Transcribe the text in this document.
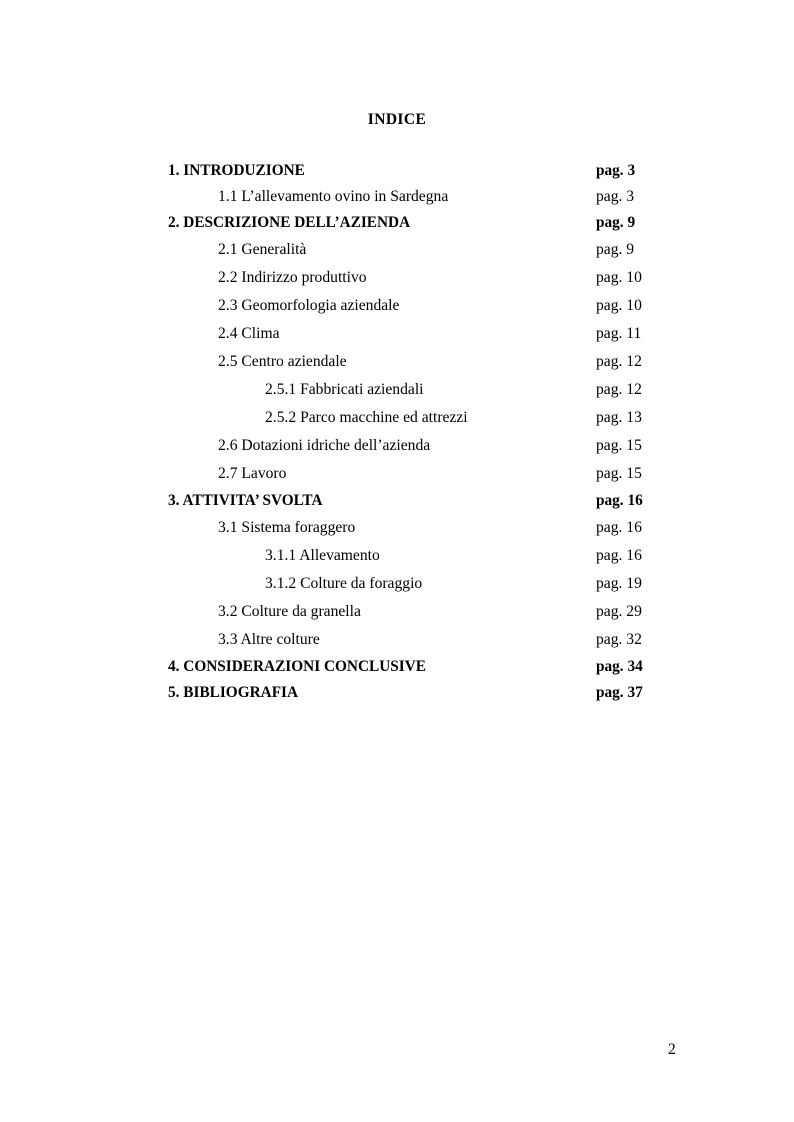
INDICE
1. INTRODUZIONE	pag. 3
1.1 L’allevamento ovino in Sardegna	pag. 3
2. DESCRIZIONE DELL’AZIENDA	pag. 9
2.1 Generalità	pag. 9
2.2 Indirizzo produttivo	pag. 10
2.3 Geomorfologia aziendale	pag. 10
2.4 Clima	pag. 11
2.5 Centro aziendale	pag. 12
2.5.1 Fabbricati aziendali	pag. 12
2.5.2 Parco macchine ed attrezzi	pag. 13
2.6 Dotazioni idriche dell’azienda	pag. 15
2.7 Lavoro	pag. 15
3. ATTIVITA’ SVOLTA	pag. 16
3.1 Sistema foraggero	pag. 16
3.1.1 Allevamento	pag. 16
3.1.2 Colture da foraggio	pag. 19
3.2 Colture da granella	pag. 29
3.3 Altre colture	pag. 32
4. CONSIDERAZIONI CONCLUSIVE	pag. 34
5. BIBLIOGRAFIA	pag. 37
2
